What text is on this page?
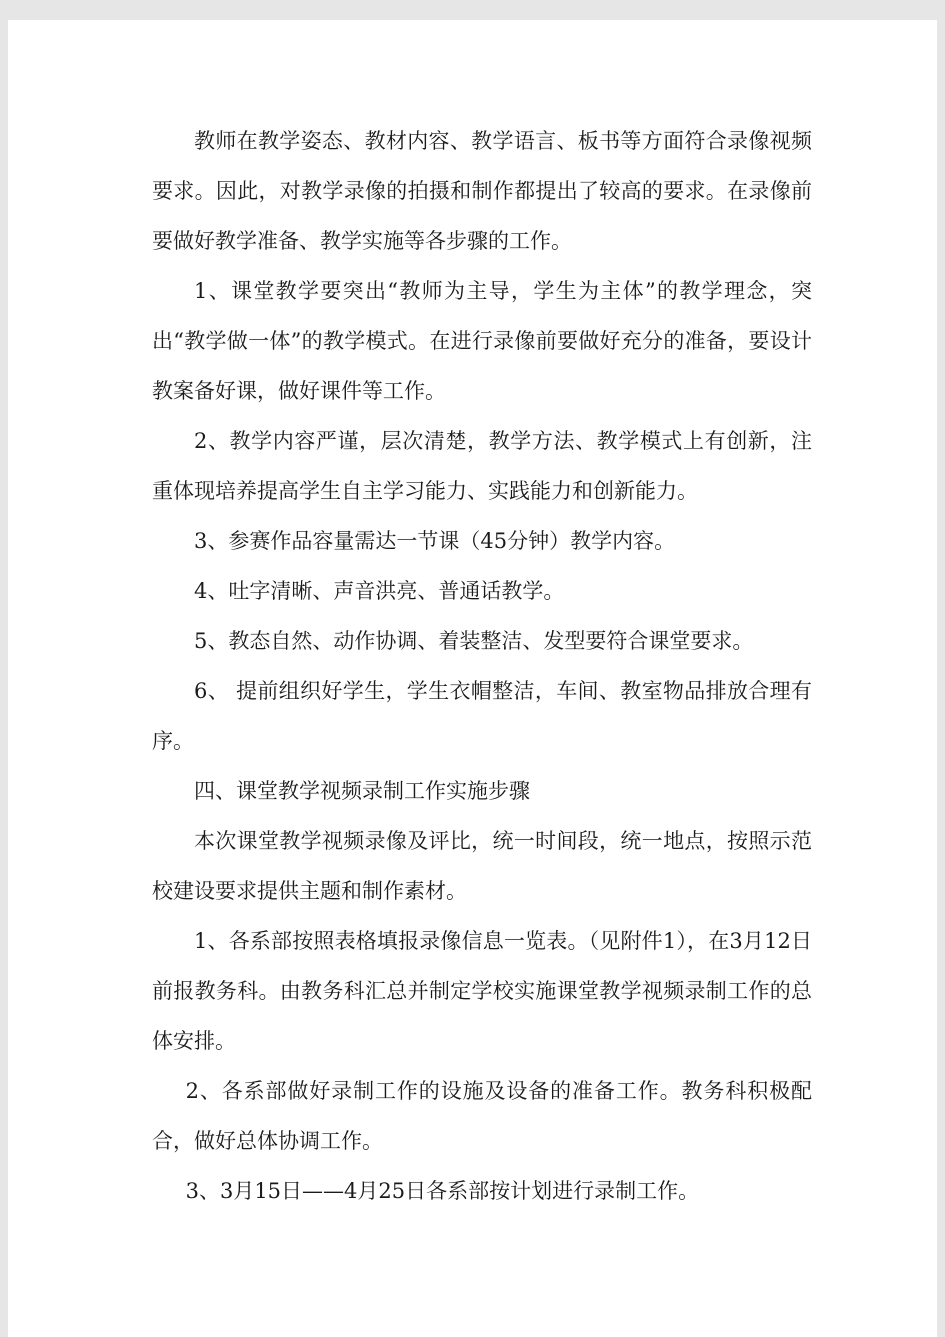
教师在教学姿态、教材内容、教学语言、板书等方面符合录像视频要求。因此，对教学录像的拍摄和制作都提出了较高的要求。在录像前要做好教学准备、教学实施等各步骤的工作。

1、课堂教学要突出“教师为主导，学生为主体”的教学理念，突出“教学做一体”的教学模式。在进行录像前要做好充分的准备，要设计教案备好课，做好课件等工作。

2、教学内容严谨，层次清楚，教学方法、教学模式上有创新，注重体现培养提高学生自主学习能力、实践能力和创新能力。

3、参赛作品容量需达一节课（45分钟）教学内容。

4、吐字清晰、声音洪亮、普通话教学。

5、教态自然、动作协调、着装整洁、发型要符合课堂要求。

6、 提前组织好学生，学生衣帽整洁，车间、教室物品排放合理有序。

四、课堂教学视频录制工作实施步骤

本次课堂教学视频录像及评比，统一时间段，统一地点，按照示范校建设要求提供主题和制作素材。

1、各系部按照表格填报录像信息一览表。（见附件1），在3月12日前报教务科。由教务科汇总并制定学校实施课堂教学视频录制工作的总体安排。

2、各系部做好录制工作的设施及设备的准备工作。教务科积极配合，做好总体协调工作。

3、3月15日——4月25日各系部按计划进行录制工作。
